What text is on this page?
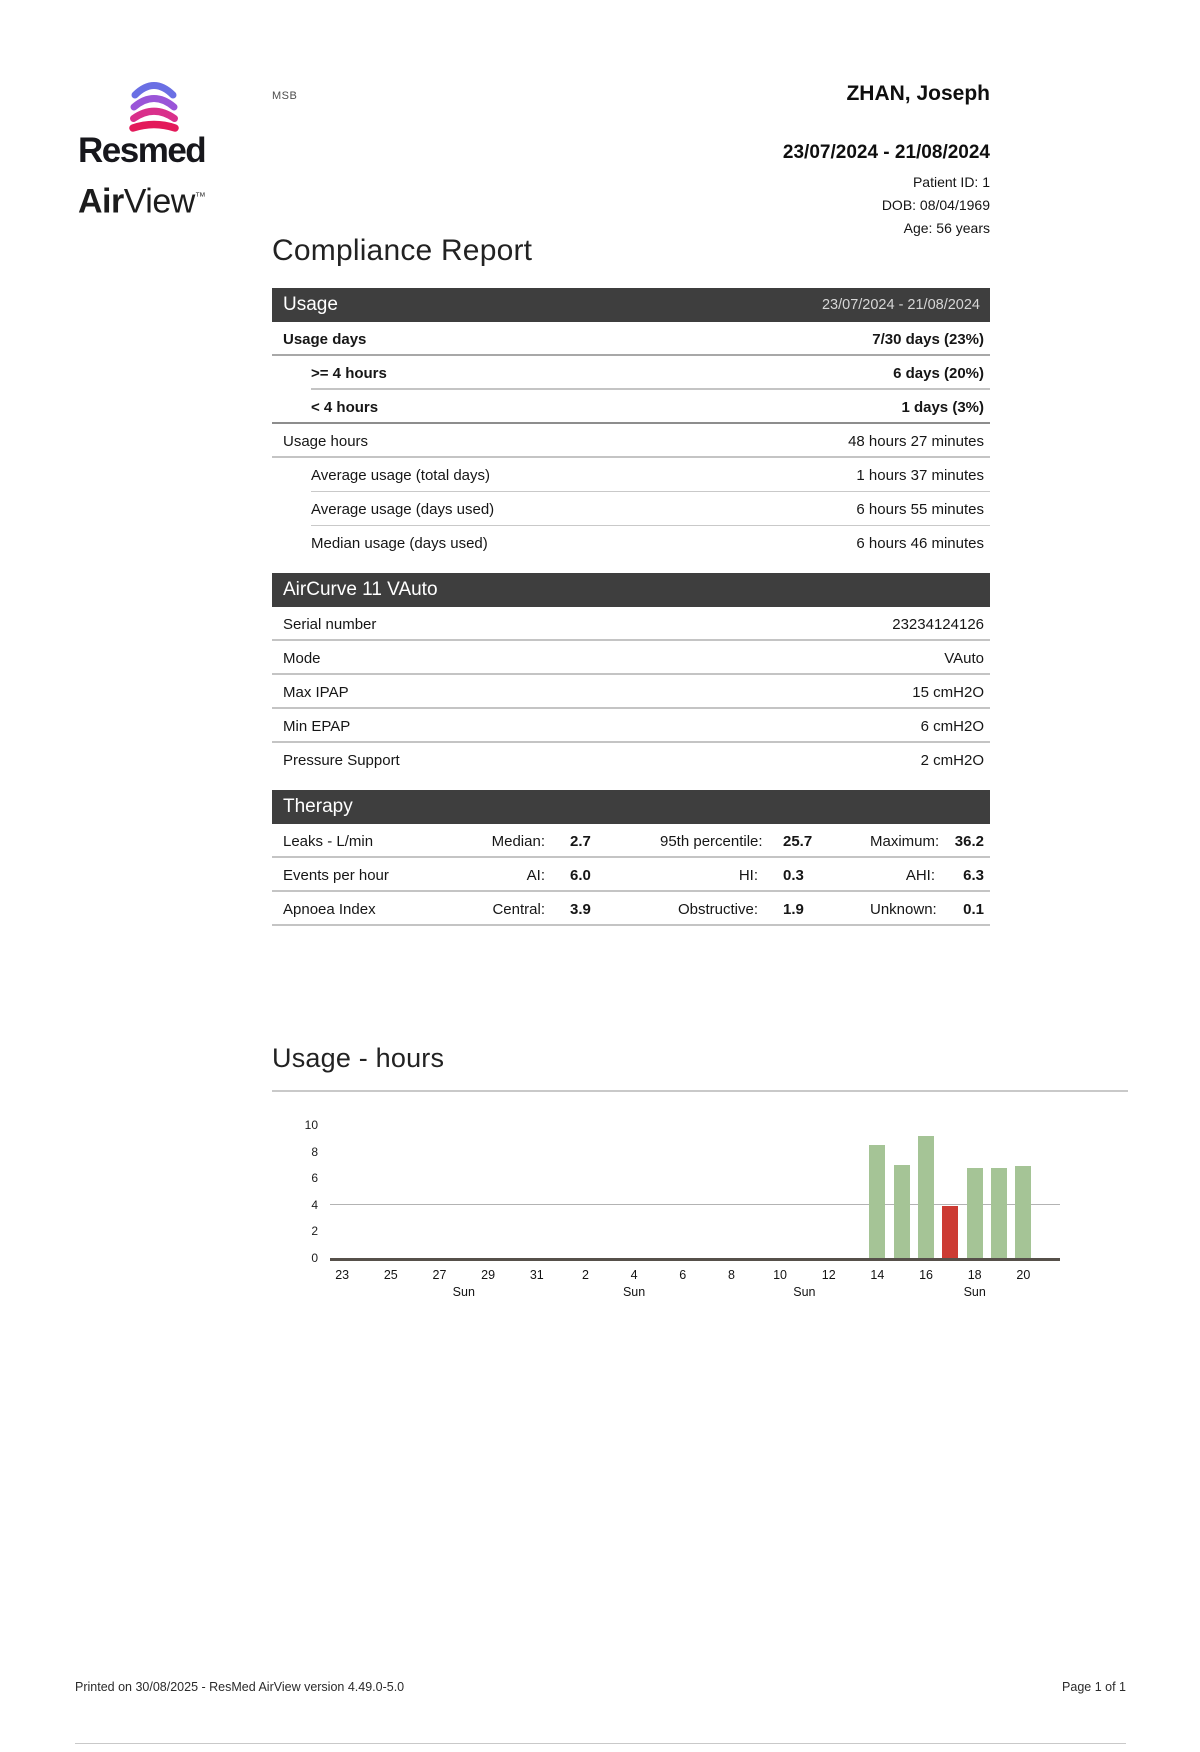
Resmed
AirView™
MSB	ZHAN, Joseph
23/07/2024 - 21/08/2024
Patient ID: 1
DOB: 08/04/1969
Age: 56 years
Compliance Report
Usage	23/07/2024 - 21/08/2024
Usage days	7/30 days (23%)
>= 4 hours	6 days (20%)
< 4 hours	1 days (3%)
Usage hours	48 hours 27 minutes
Average usage (total days)	1 hours 37 minutes
Average usage (days used)	6 hours 55 minutes
Median usage (days used)	6 hours 46 minutes
AirCurve 11 VAuto
Serial number	23234124126
Mode	VAuto
Max IPAP	15 cmH2O
Min EPAP	6 cmH2O
Pressure Support	2 cmH2O
Therapy
Leaks - L/min	Median:	2.7	95th percentile:	25.7	Maximum:	36.2
Events per hour	AI:	6.0	HI:	0.3	AHI:	6.3
Apnoea Index	Central:	3.9	Obstructive:	1.9	Unknown:	0.1
Usage - hours
0
2
4
6
8
10
23	25	27
Sun
29	31	2	4
Sun
6	8	10
Sun
12	14	16	18
Sun
20
Printed on 30/08/2025 - ResMed AirView version 4.49.0-5.0	Page 1 of 1
